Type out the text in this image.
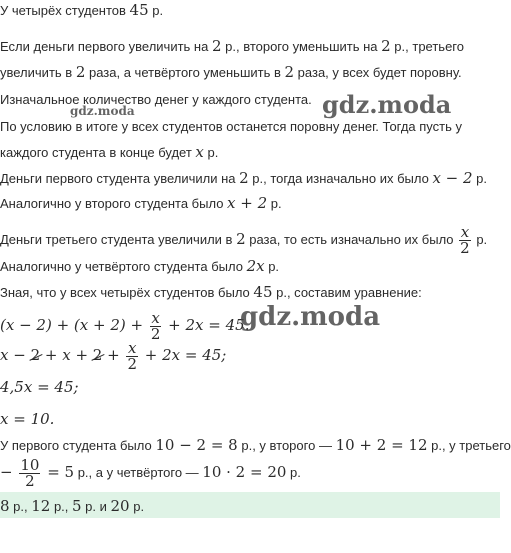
У четырёх студентов 45 р.
Если деньги первого увеличить на 2 р., второго уменьшить на 2 р., третьего
увеличить в 2 раза, а четвёртого уменьшить в 2 раза, у всех будет поровну.
Изначальное количество денег у каждого студента.
По условию в итоге у всех студентов останется поровну денег. Тогда пусть у
каждого студента в конце будет x р.
Деньги первого студента увеличили на 2 р., тогда изначально их было x − 2 р.
Аналогично у второго студента было x + 2 р.
Деньги третьего студента увеличили в 2 раза, то есть изначально их было $\frac{x}{2} р$.
Аналогично у четвёртого студента было 2x р.
Зная, что у всех четырёх студентов было 45 р., составим уравнение:
$(x - 2) + (x + 2) + \frac{x}{2} + 2x = 45$.
$x - 2 + x + 2 + \frac{x}{2} + 2x = 45$;
4,5x = 45;
x = 10.
У первого студента было 10 − 2 = 8 р., у второго — 10 + 2 = 12 р., у третьего
− $\frac{10}{2} = 5$ р., а у четвёртого — 10 · 2 = 20 р.
8 р., 12 р., 5 р. и 20 р.
gdz.moda
gdz.moda
gdz.moda
